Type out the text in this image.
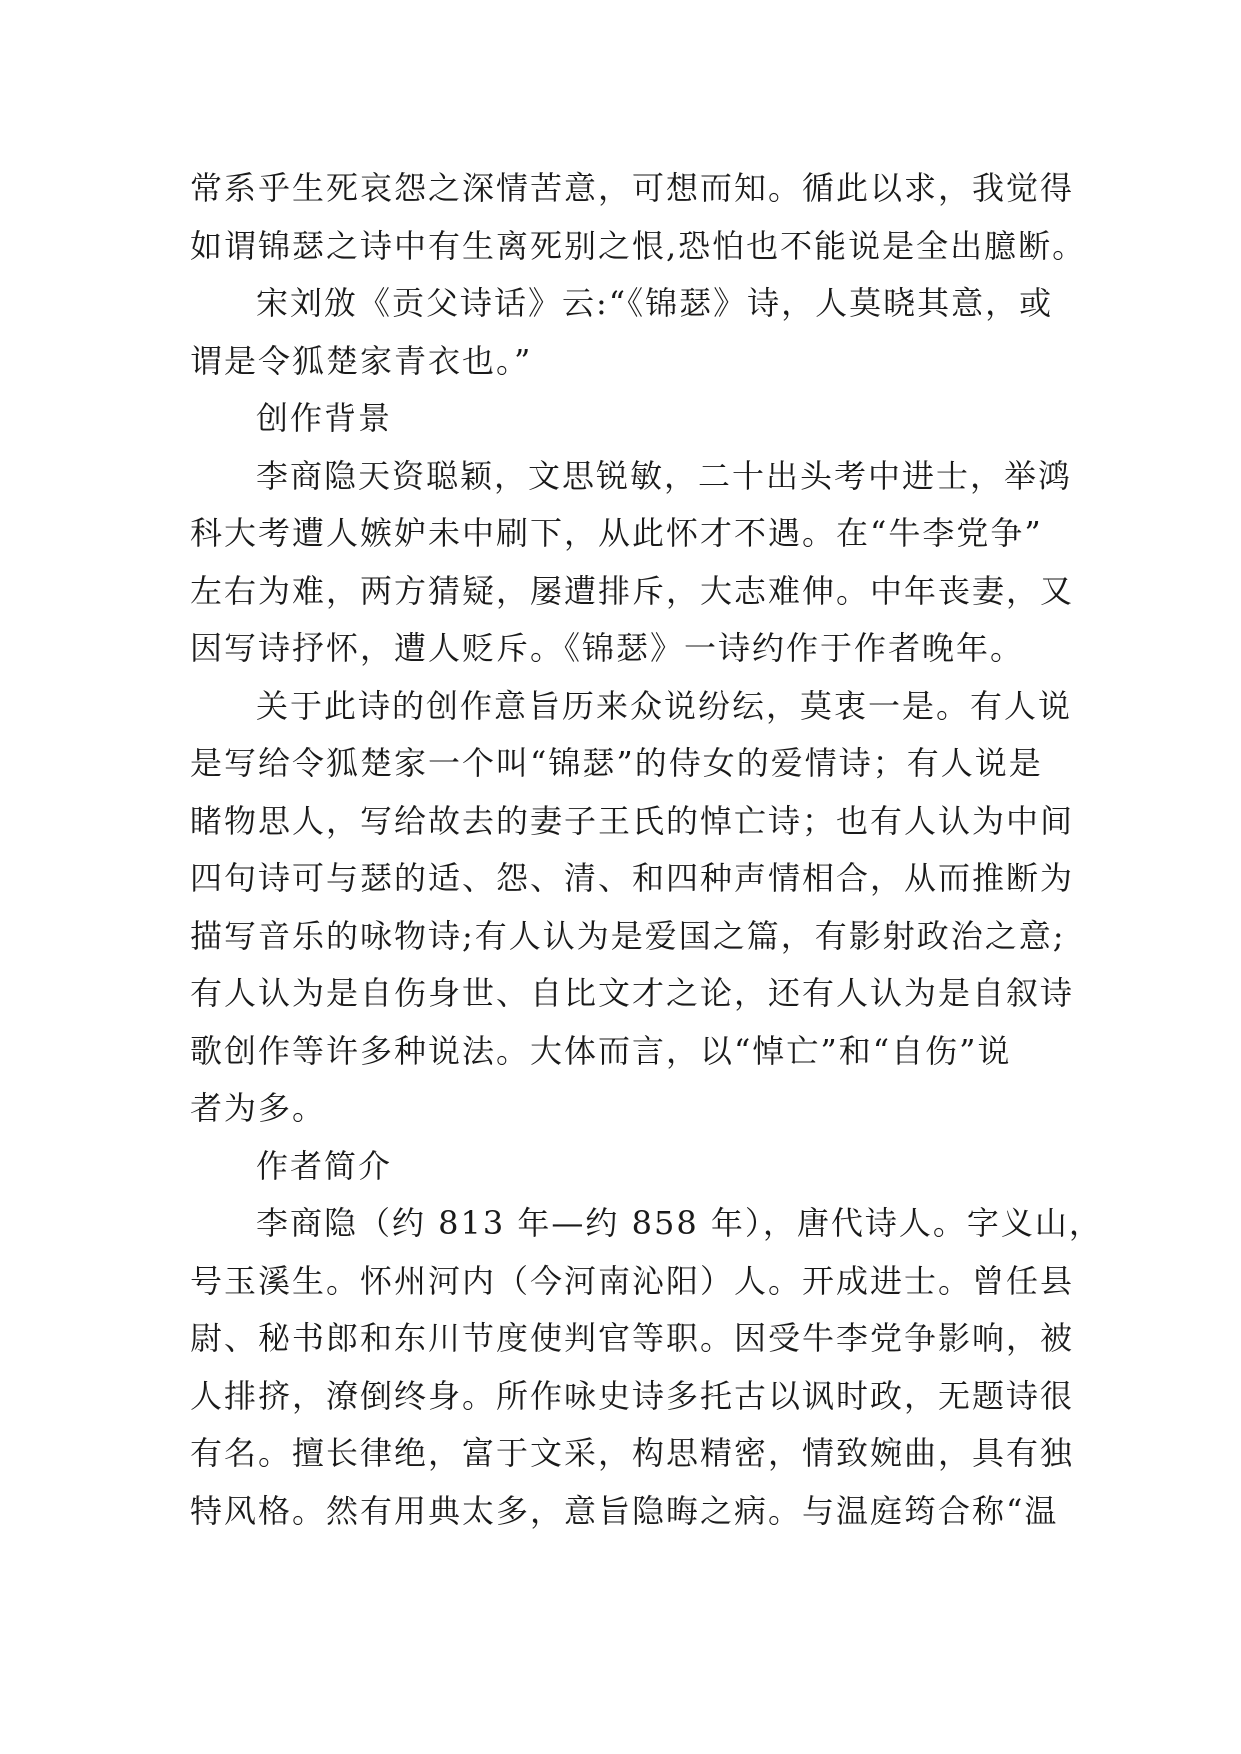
常系乎生死哀怨之深情苦意，可想而知。循此以求，我觉得
如谓锦瑟之诗中有生离死别之恨,恐怕也不能说是全出臆断。
宋刘攽《贡父诗话》云:“《锦瑟》诗，人莫晓其意，或
谓是令狐楚家青衣也。”
创作背景
李商隐天资聪颖，文思锐敏，二十出头考中进士，举鸿
科大考遭人嫉妒未中刷下，从此怀才不遇。在“牛李党争”
左右为难，两方猜疑，屡遭排斥，大志难伸。中年丧妻，又
因写诗抒怀，遭人贬斥。《锦瑟》一诗约作于作者晚年。
关于此诗的创作意旨历来众说纷纭，莫衷一是。有人说
是写给令狐楚家一个叫“锦瑟”的侍女的爱情诗；有人说是
睹物思人，写给故去的妻子王氏的悼亡诗；也有人认为中间
四句诗可与瑟的适、怨、清、和四种声情相合，从而推断为
描写音乐的咏物诗;有人认为是爱国之篇，有影射政治之意;
有人认为是自伤身世、自比文才之论，还有人认为是自叙诗
歌创作等许多种说法。大体而言，以“悼亡”和“自伤”说
者为多。
作者简介
李商隐（约 813 年—约 858 年），唐代诗人。字义山，
号玉溪生。怀州河内（今河南沁阳）人。开成进士。曾任县
尉、秘书郎和东川节度使判官等职。因受牛李党争影响，被
人排挤，潦倒终身。所作咏史诗多托古以讽时政，无题诗很
有名。擅长律绝，富于文采，构思精密，情致婉曲，具有独
特风格。然有用典太多，意旨隐晦之病。与温庭筠合称“温
